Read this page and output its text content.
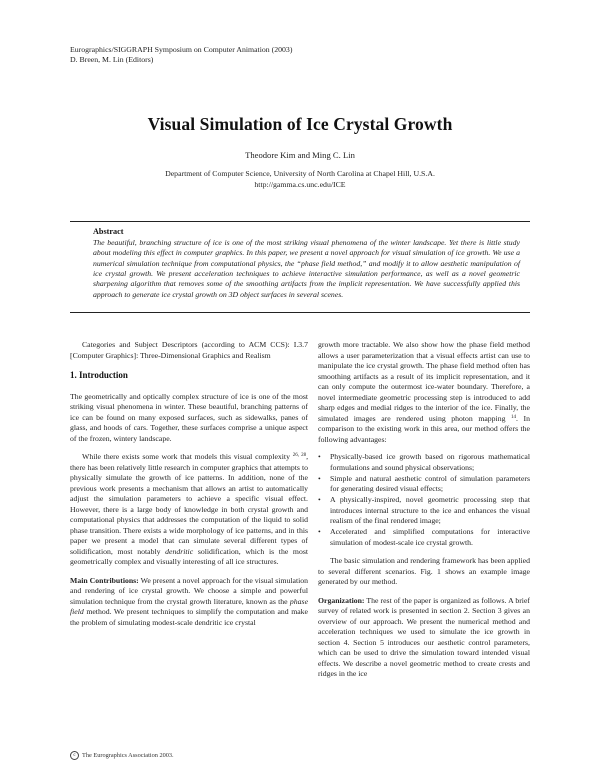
Eurographics/SIGGRAPH Symposium on Computer Animation (2003)
D. Breen, M. Lin (Editors)
Visual Simulation of Ice Crystal Growth
Theodore Kim and Ming C. Lin
Department of Computer Science, University of North Carolina at Chapel Hill, U.S.A.
http://gamma.cs.unc.edu/ICE
Abstract
The beautiful, branching structure of ice is one of the most striking visual phenomena of the winter landscape. Yet there is little study about modeling this effect in computer graphics. In this paper, we present a novel approach for visual simulation of ice growth. We use a numerical simulation technique from computational physics, the “phase field method,” and modify it to allow aesthetic manipulation of ice crystal growth. We present acceleration techniques to achieve interactive simulation performance, as well as a novel geometric sharpening algorithm that removes some of the smoothing artifacts from the implicit representation. We have successfully applied this approach to generate ice crystal growth on 3D object surfaces in several scenes.

Categories and Subject Descriptors (according to ACM CCS): I.3.7 [Computer Graphics]: Three-Dimensional Graphics and Realism

1. Introduction

The geometrically and optically complex structure of ice is one of the most striking visual phenomena in winter. These beautiful, branching patterns of ice can be found on many exposed surfaces, such as sidewalks, panes of glass, and hoods of cars. Together, these surfaces comprise a unique aspect of the frozen, wintery landscape.

While there exists some work that models this visual complexity $^{26, 28}$, there has been relatively little research in computer graphics that attempts to physically simulate the growth of ice patterns. In addition, none of the previous work presents a mechanism that allows an artist to automatically adjust the simulation parameters to achieve a specific visual effect. However, there is a large body of knowledge in both crystal growth and computational physics that addresses the computation of the liquid to solid phase transition. There exists a wide morphology of ice patterns, and in this paper we present a model that can simulate several different types of solidification, most notably dendritic solidification, which is the most geometrically complex and visually interesting of all ice structures.

Main Contributions: We present a novel approach for the visual simulation and rendering of ice crystal growth. We choose a simple and powerful simulation technique from the crystal growth literature, known as the phase field method. We present techniques to simplify the computation and make the problem of simulating modest-scale dendritic ice crystal

growth more tractable. We also show how the phase field method allows a user parameterization that a visual effects artist can use to manipulate the ice crystal growth. The phase field method often has smoothing artifacts as a result of its implicit representation, and it can only compute the outermost ice-water boundary. Therefore, a novel intermediate geometric processing step is introduced to add sharp edges and medial ridges to the interior of the ice. Finally, the simulated images are rendered using photon mapping $^{14}$. In comparison to the existing work in this area, our method offers the following advantages:

• Physically-based ice growth based on rigorous mathematical formulations and sound physical observations;
• Simple and natural aesthetic control of simulation parameters for generating desired visual effects;
• A physically-inspired, novel geometric processing step that introduces internal structure to the ice and enhances the visual realism of the final rendered image;
• Accelerated and simplified computations for interactive simulation of modest-scale ice crystal growth.

The basic simulation and rendering framework has been applied to several different scenarios. Fig. 1 shows an example image generated by our method.

Organization: The rest of the paper is organized as follows. A brief survey of related work is presented in section 2. Section 3 gives an overview of our approach. We present the numerical method and acceleration techniques we used to simulate the ice growth in section 4. Section 5 introduces our aesthetic control parameters, which can be used to drive the simulation toward intended visual effects. We describe a novel geometric method to create crests and ridges in the ice

c	The Eurographics Association 2003.
